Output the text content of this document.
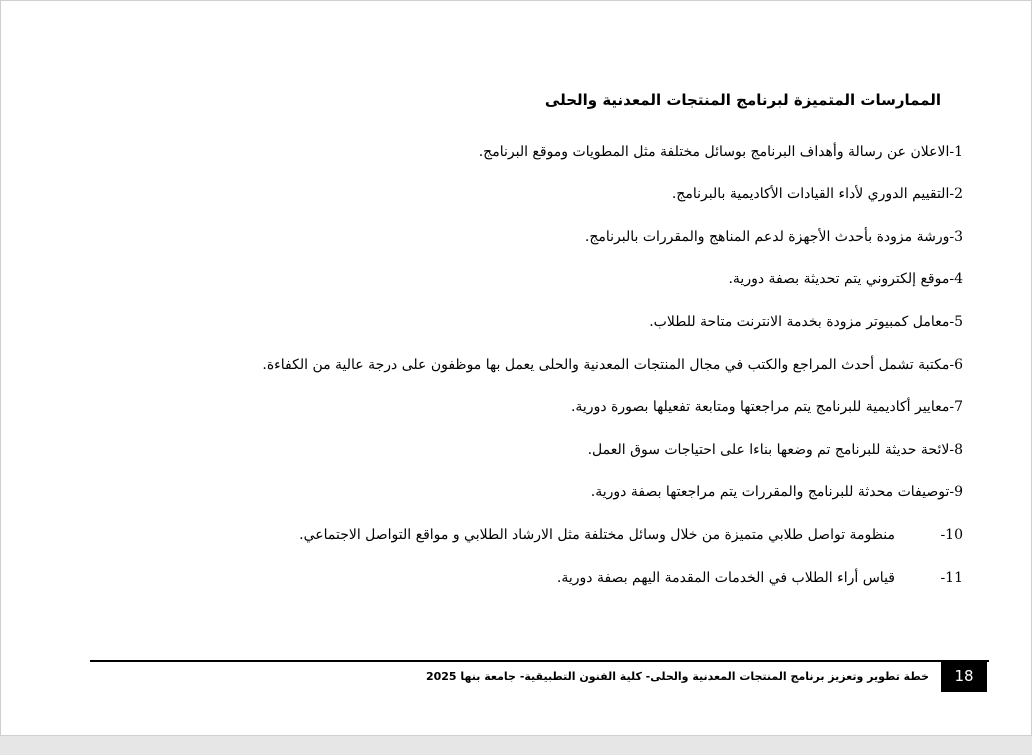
الممارسات المتميزة لبرنامج المنتجات المعدنية والحلى
1-الاعلان عن رسالة وأهداف البرنامج بوسائل مختلفة مثل المطويات وموقع البرنامج.
2-التقييم الدوري لأداء القيادات الأكاديمية بالبرنامج.
3-ورشة مزودة بأحدث الأجهزة لدعم المناهج والمقررات بالبرنامج.
4-موقع إلكتروني يتم تحديثة بصفة دورية.
5-معامل كمبيوتر مزودة بخدمة الانترنت متاحة للطلاب.
6-مكتبة تشمل أحدث المراجع والكتب في مجال المنتجات المعدنية والحلى يعمل بها موظفون على درجة عالية من الكفاءة.
7-معايير أكاديمية للبرنامج يتم مراجعتها ومتابعة تفعيلها بصورة دورية.
8-لائحة حديثة للبرنامج تم وضعها بناءا على احتياجات سوق العمل.
9-توصيفات محدثة للبرنامج والمقررات يتم مراجعتها بصفة دورية.
10-منظومة تواصل طلابي متميزة من خلال وسائل مختلفة مثل الارشاد الطلابي و مواقع التواصل الاجتماعي.
11-قياس أراء الطلاب في الخدمات المقدمة اليهم بصفة دورية.
خطة تطوير وتعزيز برنامج المنتجات المعدنية والحلى- كلية الفنون التطبيقية- جامعة بنها 2025	18
